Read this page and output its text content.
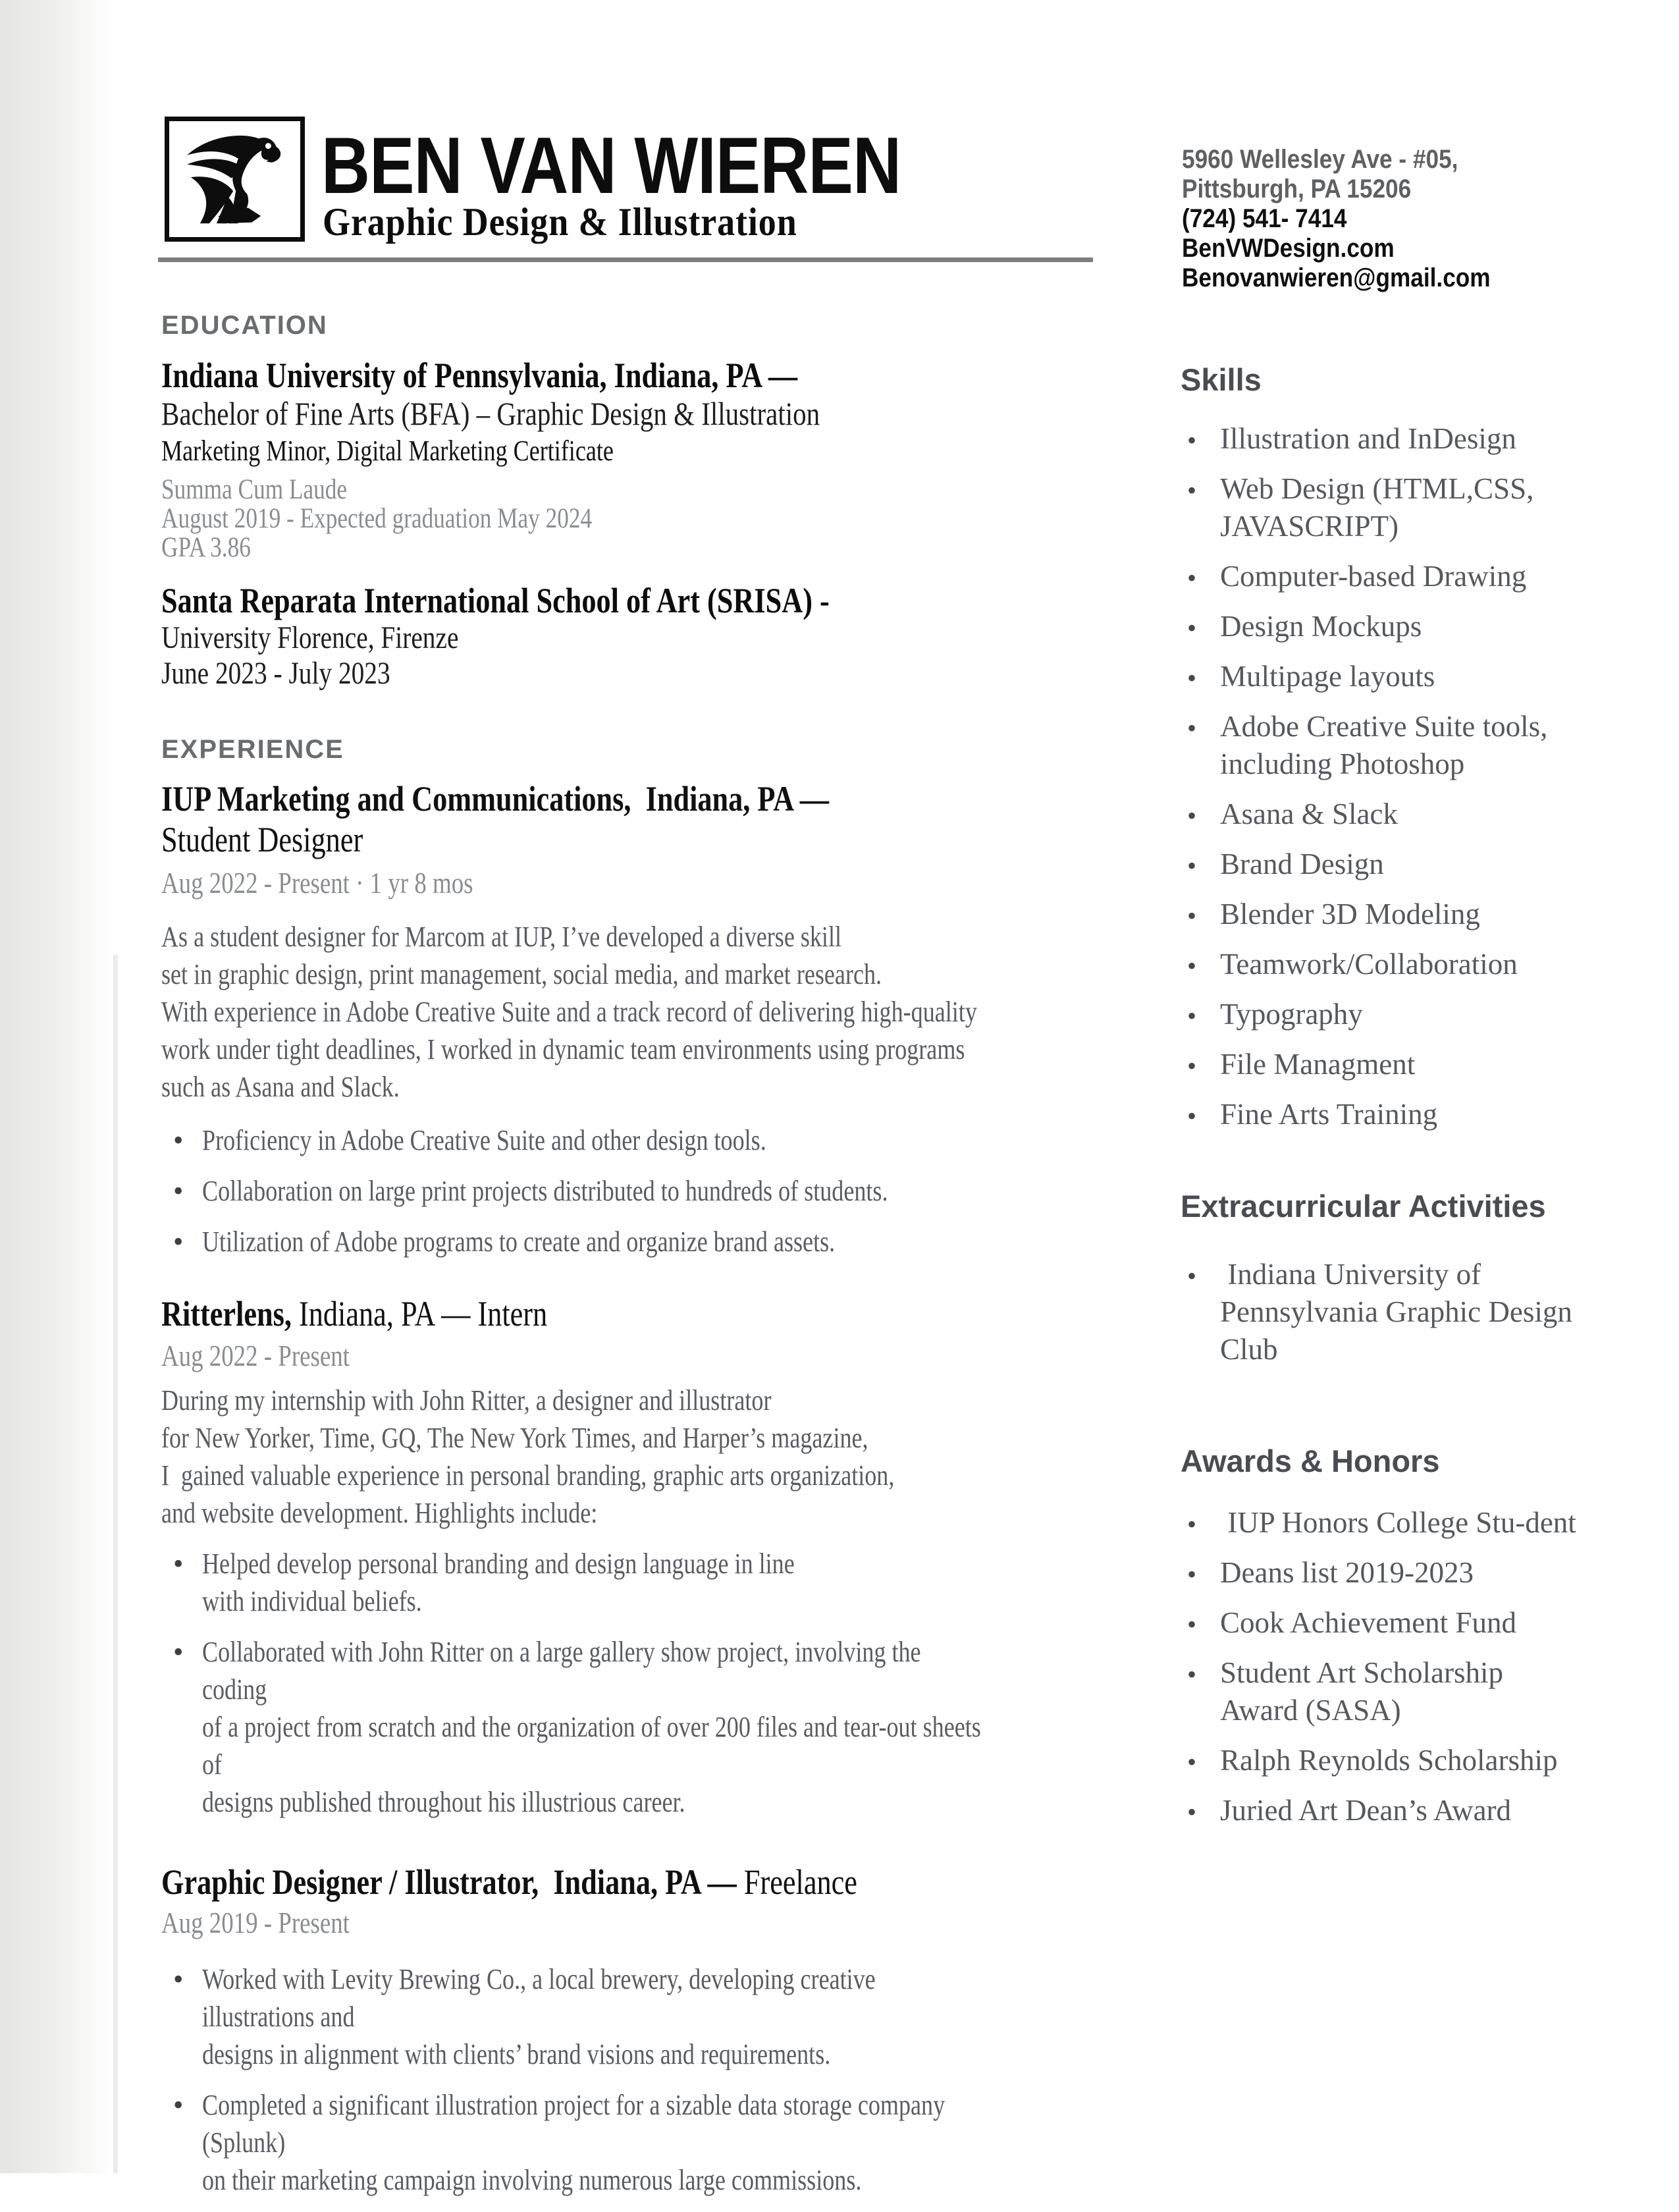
BEN VAN WIEREN
Graphic Design & Illustration
5960 Wellesley Ave - #05,
Pittsburgh, PA 15206
(724) 541- 7414
BenVWDesign.com
Benovanwieren@gmail.com
EDUCATION
Indiana University of Pennsylvania, Indiana, PA —
Bachelor of Fine Arts (BFA) – Graphic Design & Illustration
Marketing Minor, Digital Marketing Certificate
Summa Cum Laude
August 2019 - Expected graduation May 2024
GPA 3.86
Santa Reparata International School of Art (SRISA) -
University Florence, Firenze
June 2023 - July 2023
EXPERIENCE
IUP Marketing and Communications,  Indiana, PA —
Student Designer
Aug 2022 - Present · 1 yr 8 mos
As a student designer for Marcom at IUP, I’ve developed a diverse skill
set in graphic design, print management, social media, and market research.
With experience in Adobe Creative Suite and a track record of delivering high-quality
work under tight deadlines, I worked in dynamic team environments using programs
such as Asana and Slack.
• Proficiency in Adobe Creative Suite and other design tools.
• Collaboration on large print projects distributed to hundreds of students.
• Utilization of Adobe programs to create and organize brand assets.
Ritterlens, Indiana, PA — Intern
Aug 2022 - Present
During my internship with John Ritter, a designer and illustrator
for New Yorker, Time, GQ, The New York Times, and Harper’s magazine,
I  gained valuable experience in personal branding, graphic arts organization,
and website development. Highlights include:
• Helped develop personal branding and design language in line
with individual beliefs.
• Collaborated with John Ritter on a large gallery show project, involving the coding
of a project from scratch and the organization of over 200 files and tear-out sheets of
designs published throughout his illustrious career.
Graphic Designer / Illustrator,  Indiana, PA — Freelance
Aug 2019 - Present
• Worked with Levity Brewing Co., a local brewery, developing creative illustrations and
designs in alignment with clients’ brand visions and requirements.
• Completed a significant illustration project for a sizable data storage company (Splunk)
on their marketing campaign involving numerous large commissions.
Skills
• Illustration and InDesign
• Web Design (HTML,CSS, JAVASCRIPT)
• Computer-based Drawing
• Design Mockups
• Multipage layouts
• Adobe Creative Suite tools, including Photoshop
• Asana & Slack
• Brand Design
• Blender 3D Modeling
• Teamwork/Collaboration
• Typography
• File Managment
• Fine Arts Training
Extracurricular Activities
•  Indiana University of Pennsylvania Graphic Design Club
Awards & Honors
•  IUP Honors College Stu-dent
• Deans list 2019-2023
• Cook Achievement Fund
• Student Art Scholarship Award (SASA)
• Ralph Reynolds Scholarship
• Juried Art Dean’s Award
